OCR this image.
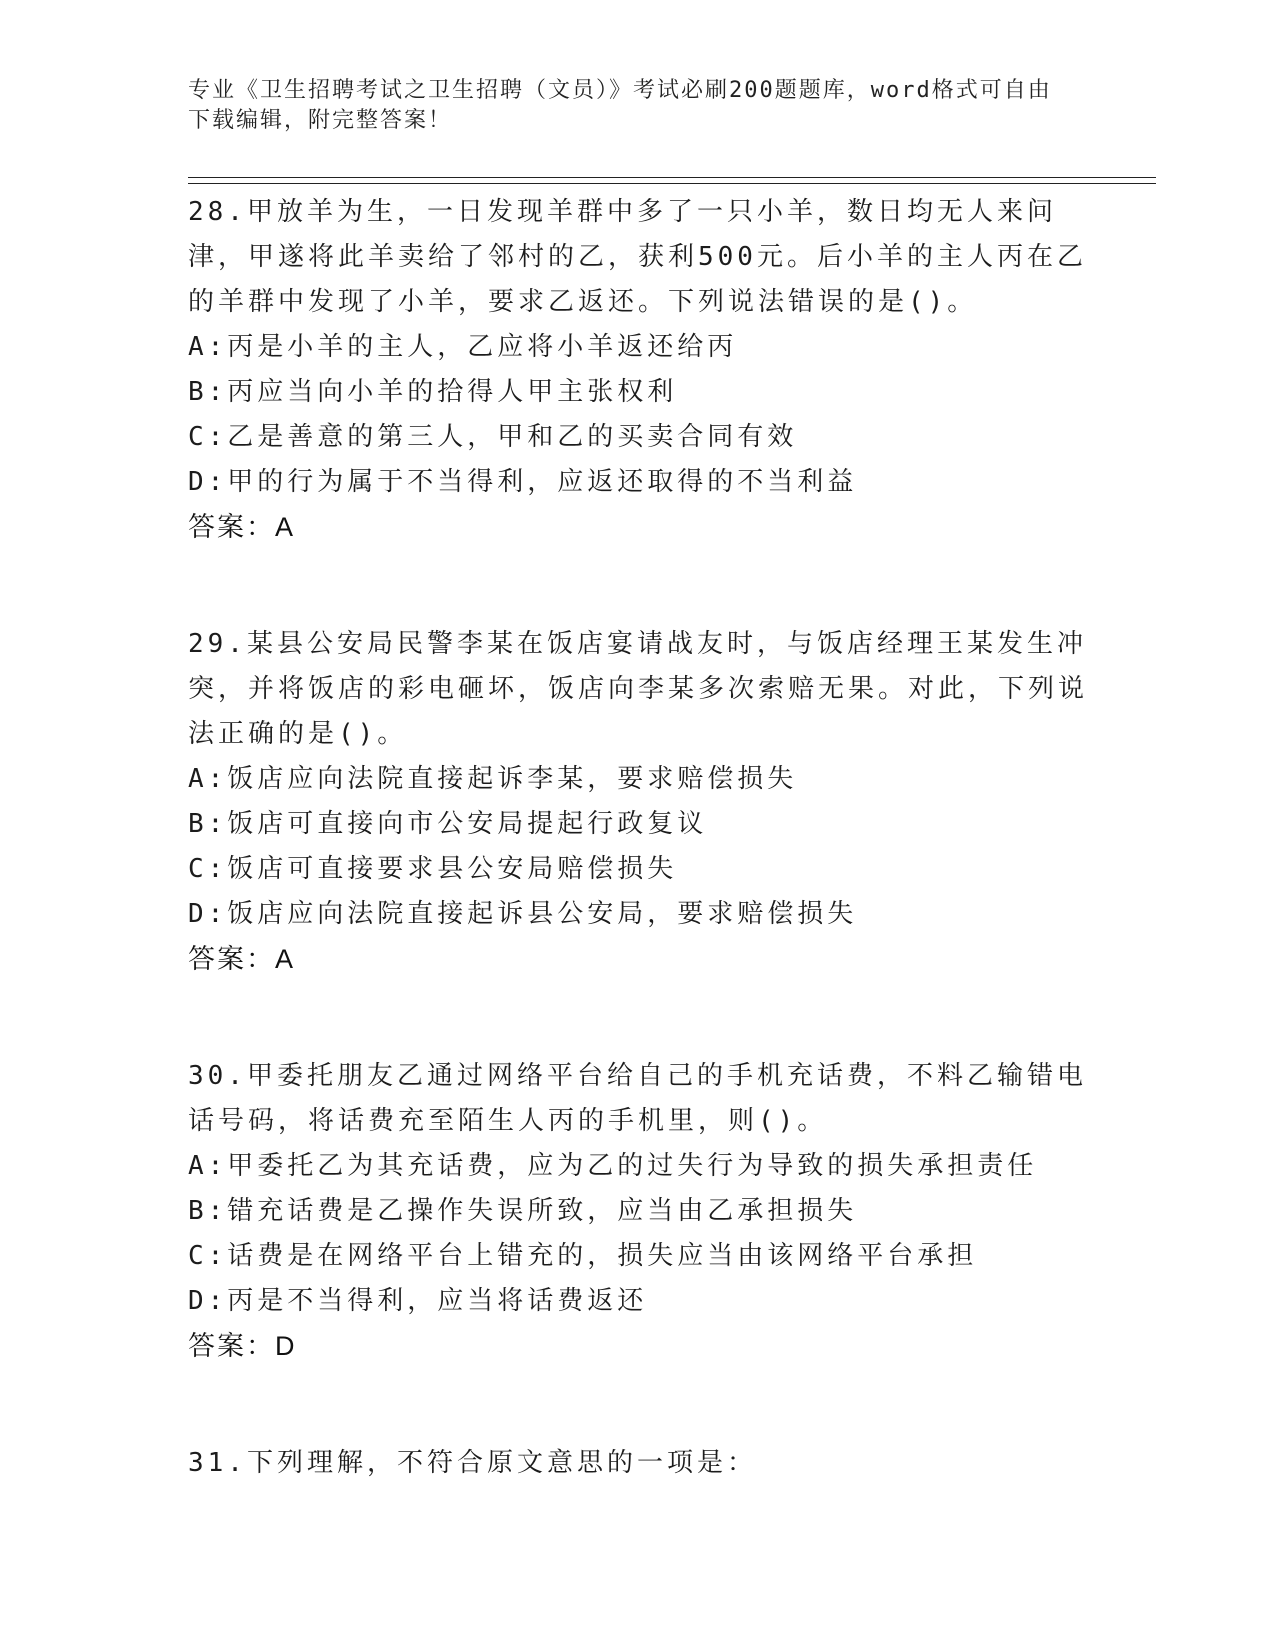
专业《卫生招聘考试之卫生招聘（文员）》考试必刷200题题库，word格式可自由下载编辑，附完整答案！
28.甲放羊为生，一日发现羊群中多了一只小羊，数日均无人来问津，甲遂将此羊卖给了邻村的乙，获利500元。后小羊的主人丙在乙的羊群中发现了小羊，要求乙返还。下列说法错误的是()。
A:丙是小羊的主人，乙应将小羊返还给丙
B:丙应当向小羊的拾得人甲主张权利
C:乙是善意的第三人，甲和乙的买卖合同有效
D:甲的行为属于不当得利，应返还取得的不当利益
答案：A
29.某县公安局民警李某在饭店宴请战友时，与饭店经理王某发生冲突，并将饭店的彩电砸坏，饭店向李某多次索赔无果。对此，下列说法正确的是()。
A:饭店应向法院直接起诉李某，要求赔偿损失
B:饭店可直接向市公安局提起行政复议
C:饭店可直接要求县公安局赔偿损失
D:饭店应向法院直接起诉县公安局，要求赔偿损失
答案：A
30.甲委托朋友乙通过网络平台给自己的手机充话费，不料乙输错电话号码，将话费充至陌生人丙的手机里，则()。
A:甲委托乙为其充话费，应为乙的过失行为导致的损失承担责任
B:错充话费是乙操作失误所致，应当由乙承担损失
C:话费是在网络平台上错充的，损失应当由该网络平台承担
D:丙是不当得利，应当将话费返还
答案：D
31.下列理解，不符合原文意思的一项是：
